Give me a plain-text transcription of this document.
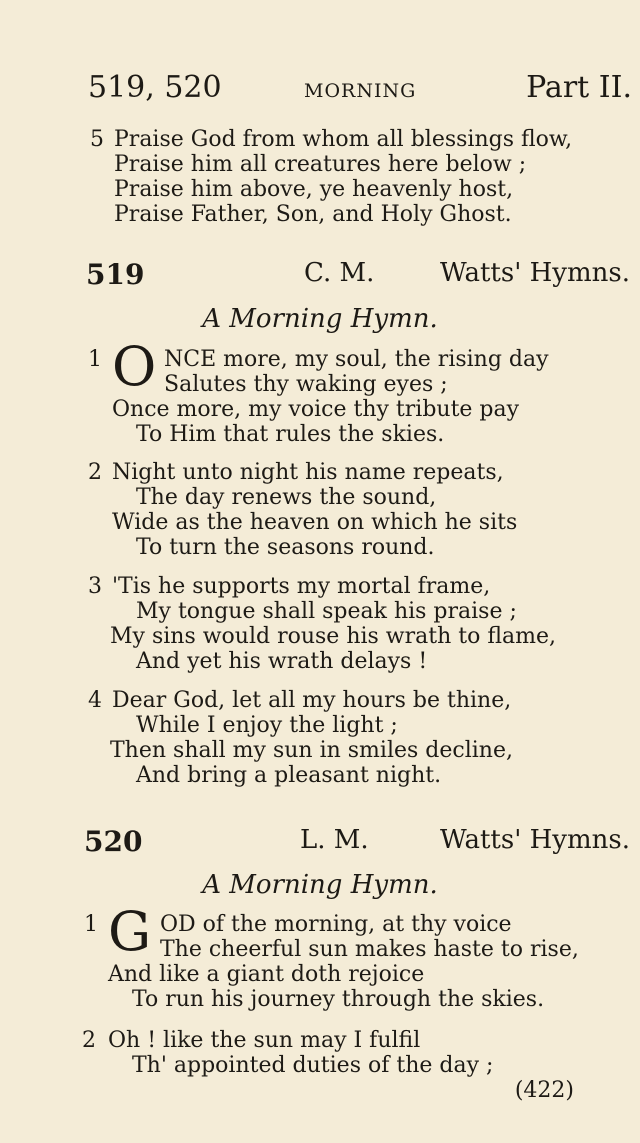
519, 520	MORNING	Part II.
5 Praise God from whom all blessings flow,
Praise him all creatures here below ;
Praise him above, ye heavenly host,
Praise Father, Son, and Holy Ghost.
519	C. M.	Watts' Hymns.
A Morning Hymn.
1 O NCE more, my soul, the rising day
Salutes thy waking eyes ;
Once more, my voice thy tribute pay
To Him that rules the skies.
2 Night unto night his name repeats,
The day renews the sound,
Wide as the heaven on which he sits
To turn the seasons round.
3 'Tis he supports my mortal frame,
My tongue shall speak his praise ;
My sins would rouse his wrath to flame,
And yet his wrath delays !
4 Dear God, let all my hours be thine,
While I enjoy the light ;
Then shall my sun in smiles decline,
And bring a pleasant night.
520	L. M.	Watts' Hymns.
A Morning Hymn.
1 G OD of the morning, at thy voice
The cheerful sun makes haste to rise,
And like a giant doth rejoice
To run his journey through the skies.
2 Oh ! like the sun may I fulfil
Th' appointed duties of the day ;
(422)
